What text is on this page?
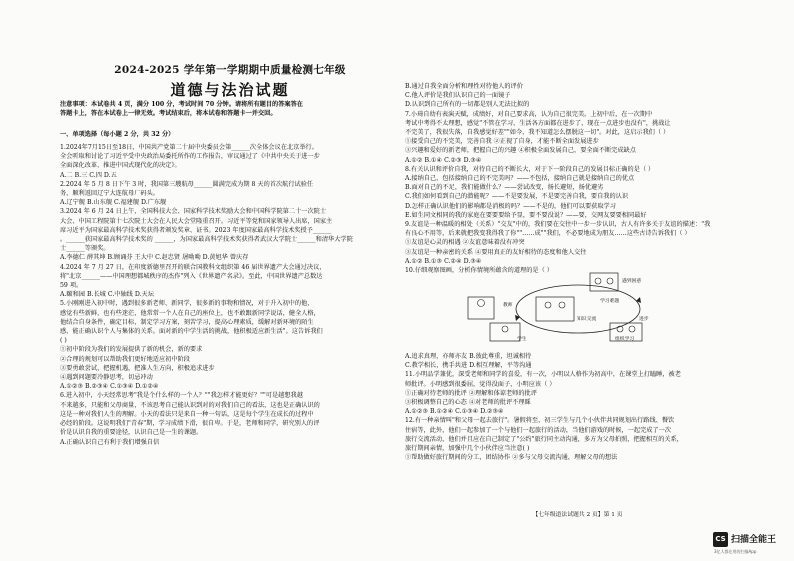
2024-2025 学年第一学期期中质量检测七年级
道德与法治试题
注意事项：本试卷共 4 页，满分 100 分，考试时间 70 分钟。请将所有题目的答案答在
答题卡上，答在本试卷上一律无效。考试结束后，将本试卷和答题卡一并交回。
一、单项选择（每小题 2 分，共 32 分）
1.2024年7月15日至18日，中国共产党第二十届中央委员会第______次全体会议在北京举行。
全会听取和讨论了习近平受中央政治局委托所作的工作报告，审议通过了《中共中央关于进一步
全面深化改革、推进中国式现代化的决定》。
A.二 B.三 C.四 D.五
2.2024 年 5 月 8 日下午 3 时，我国第三艘航母______圆满完成为期 8 天的首次航行试验任
务，顺利返回辽宁大连航母厂码头。
A.辽宁舰 B.山东舰 C.福建舰 D.广东舰
3.2024 年 6 月 24 日上午，全国科技大会、国家科学技术奖励大会和中国科学院第二十一次院士
大会、中国工程院第十七次院士大会在人民大会堂隆重召开。习近平等党和国家领导人出席，国家主
席习近平为国家最高科学技术奖获得者颁发奖章、证书。2023 年度国家最高科学技术奖授予______
。______获国家最高科学技术奖的 ______，为国家最高科学技术奖获得者武汉大学院士______和清华大学院
士______等颁奖。
A.李德仁 薛其坤 B.顾诵芬 王大中 C.赵忠贤 屠呦呦 D.黄旭华 曾庆存
4.2024 年 7 月 27 日，在印度新德里召开的联合国教科文组织第 46 届世界遗产大会通过决议，
将"北京______——中国理想都城秩序的杰作"列入《世界遗产名录》。至此，中国世界遗产总数达
59 项。
A.颐和园 B.长城 C.中轴线 D.天坛
5.小刚刚进入初中时，遇到很多新老师、新同学，很多新的事物和情况，对于升入初中的他，
感觉有些新鲜，也有些迷茫，他常常一个人在自己的座位上，也不敢跟新同学说话，健全人格，
他结合自身条件，确定目标，制定学习方案，刻苦学习，提高心理素质，缓解对新环境的陌生
感，能正确认识个人与集体的关系。面对新的中学生活的挑战，他积极适应新生活"。这告诉我们
( )
①初中阶段为我们的发展提供了新的机会，新的要求
②合理的规划可以帮助我们更好地适应初中阶段
③要勇敢尝试，把握机遇，把准人生方向，积极追求进步
④遇到问题要冷静思考，切忌冲动
A.①②③ B.②③④ C.①③④ D.①②④
6.进入初中，小天经常思考"我是个什么样的一个人？""我怎样才能更好？""可是越想我越
不来越多，只能和父母商量，不该思考自己能认识到对的对我们自己的看法，这也是正确认识的
这是一种对我们人生的理解。小天的看法只是来自一种一句话，这是每个学生在成长的过程中
必经的阶段。这说明我们"青春"期，学习成绩下滑，很自卑。于是，老师和同学，研究别人的评
价是认识自我的重要途径，认识自己是一生的课题。
A.正确认识自己有利于我们增强自信
B.通过自我全面分析和理性对待他人的评价
C.他人评价是我们认识自己的一面镜子
D.认识到自己所有的一切都是别人无法比拟的
7.小琦自幼有表演天赋，成绩好，对自己要求高，认为自己很完美。上初中后，在一次期中
考试中考得不太理想，感觉"不管在学习、生活各方面都在进步了，现在一点进步也没有"，挑战让
不完美了，我很失落，自我感觉好差""如今，我不知道怎么摆脱这一切"。对此，这启示我们（ ）
①接受自己的不完美，完善自我 ②正视了自身，才能不断全面发展进步
③兴趣和爱好的新老师，把握自己的兴趣 ④积极全面发展自己，要全面不断完成缺点
A.①② B.①④ C.②③ D.③④
8.有关认识和评价自我，对待自己的不断长大，对于下一阶段自己的发展目标正确的是（ ）
A.接纳自己，包括接纳自己的不完美吗？——不包括，接纳自己就是接纳自己的优点
B.面对自己的不足，我们能做什么？——尝试改变，扬长避短，扬优避劣
C.我们如何看到自己的潜能呢？——不是要发展，不是要完善自我，要自我的认识
D.怎样正确认识他们的影响都是消极的吗？——不是的，他们可以要获取学习
E.如生同文相同的我的家庭在要要要给予显，要不要没说？——要，交网友要要相同最好
9.友谊是一种温暖的相处（关系）"交友"中的，我们要在交往中一步一步认识，古人有许多关于友谊的描述："我
有良心不用等，后来就把我变我得我了你""……成""我们，不必要地成为朋友……这些古诗告诉我们（ ）
①友谊是心灵的相遇 ②友谊意味着没有冲突
③友谊是一种亲密的关系 ④要用真正的友好相待的态度和他人交往
A.①② B.①③ C.②④ D.③④
10.仔细观察图画，分析你情境所蕴含的道理的是（ ）
遇到困惑
学习难题
教师
学生	组织学习
知识交流	进步
A.追求真理，亦师亦友 B.彼此尊重，坦诚相待
C.教学相长，携手共进 D.相互理解，平等沟通
11.小明品学兼优，深受老师和同学的喜爱，有一次，小明以人格作为初高中，在课堂上打瞌睡，被老
师批评。小明感到很委屈，觉得没面子，小明应该（ ）
①正确对待老师的批评 ②理解和体谅老师的批评
③积极调整自己的心态 ④对老师的批评不理睬
A.①②③ B.①②④ C.①③④ D.②③④
12.有一种亲情叫"和父母一起去旅行"。暑假将至，初三学生与几个小伙伴共同规划出行路线、餐饮
住宿等，此外，他们一起参加了一个与他们一起旅行的活动，当他们游戏的时候，一起完成了一次
旅行交流活动，他们并且应在自己制定了"公约"旅行同主动沟通，多方为父母拍照，把握相互的关系，
旅行期间亲情，加强中几个小伙伴应当注意( )
①帮助做好旅行期间的分工，团结协作 ②多与父母交流沟通，理解父母的想法
【七年级道法试题共 2 页】第 1 页
CS 扫描全能王
3亿人都在用的扫描App
